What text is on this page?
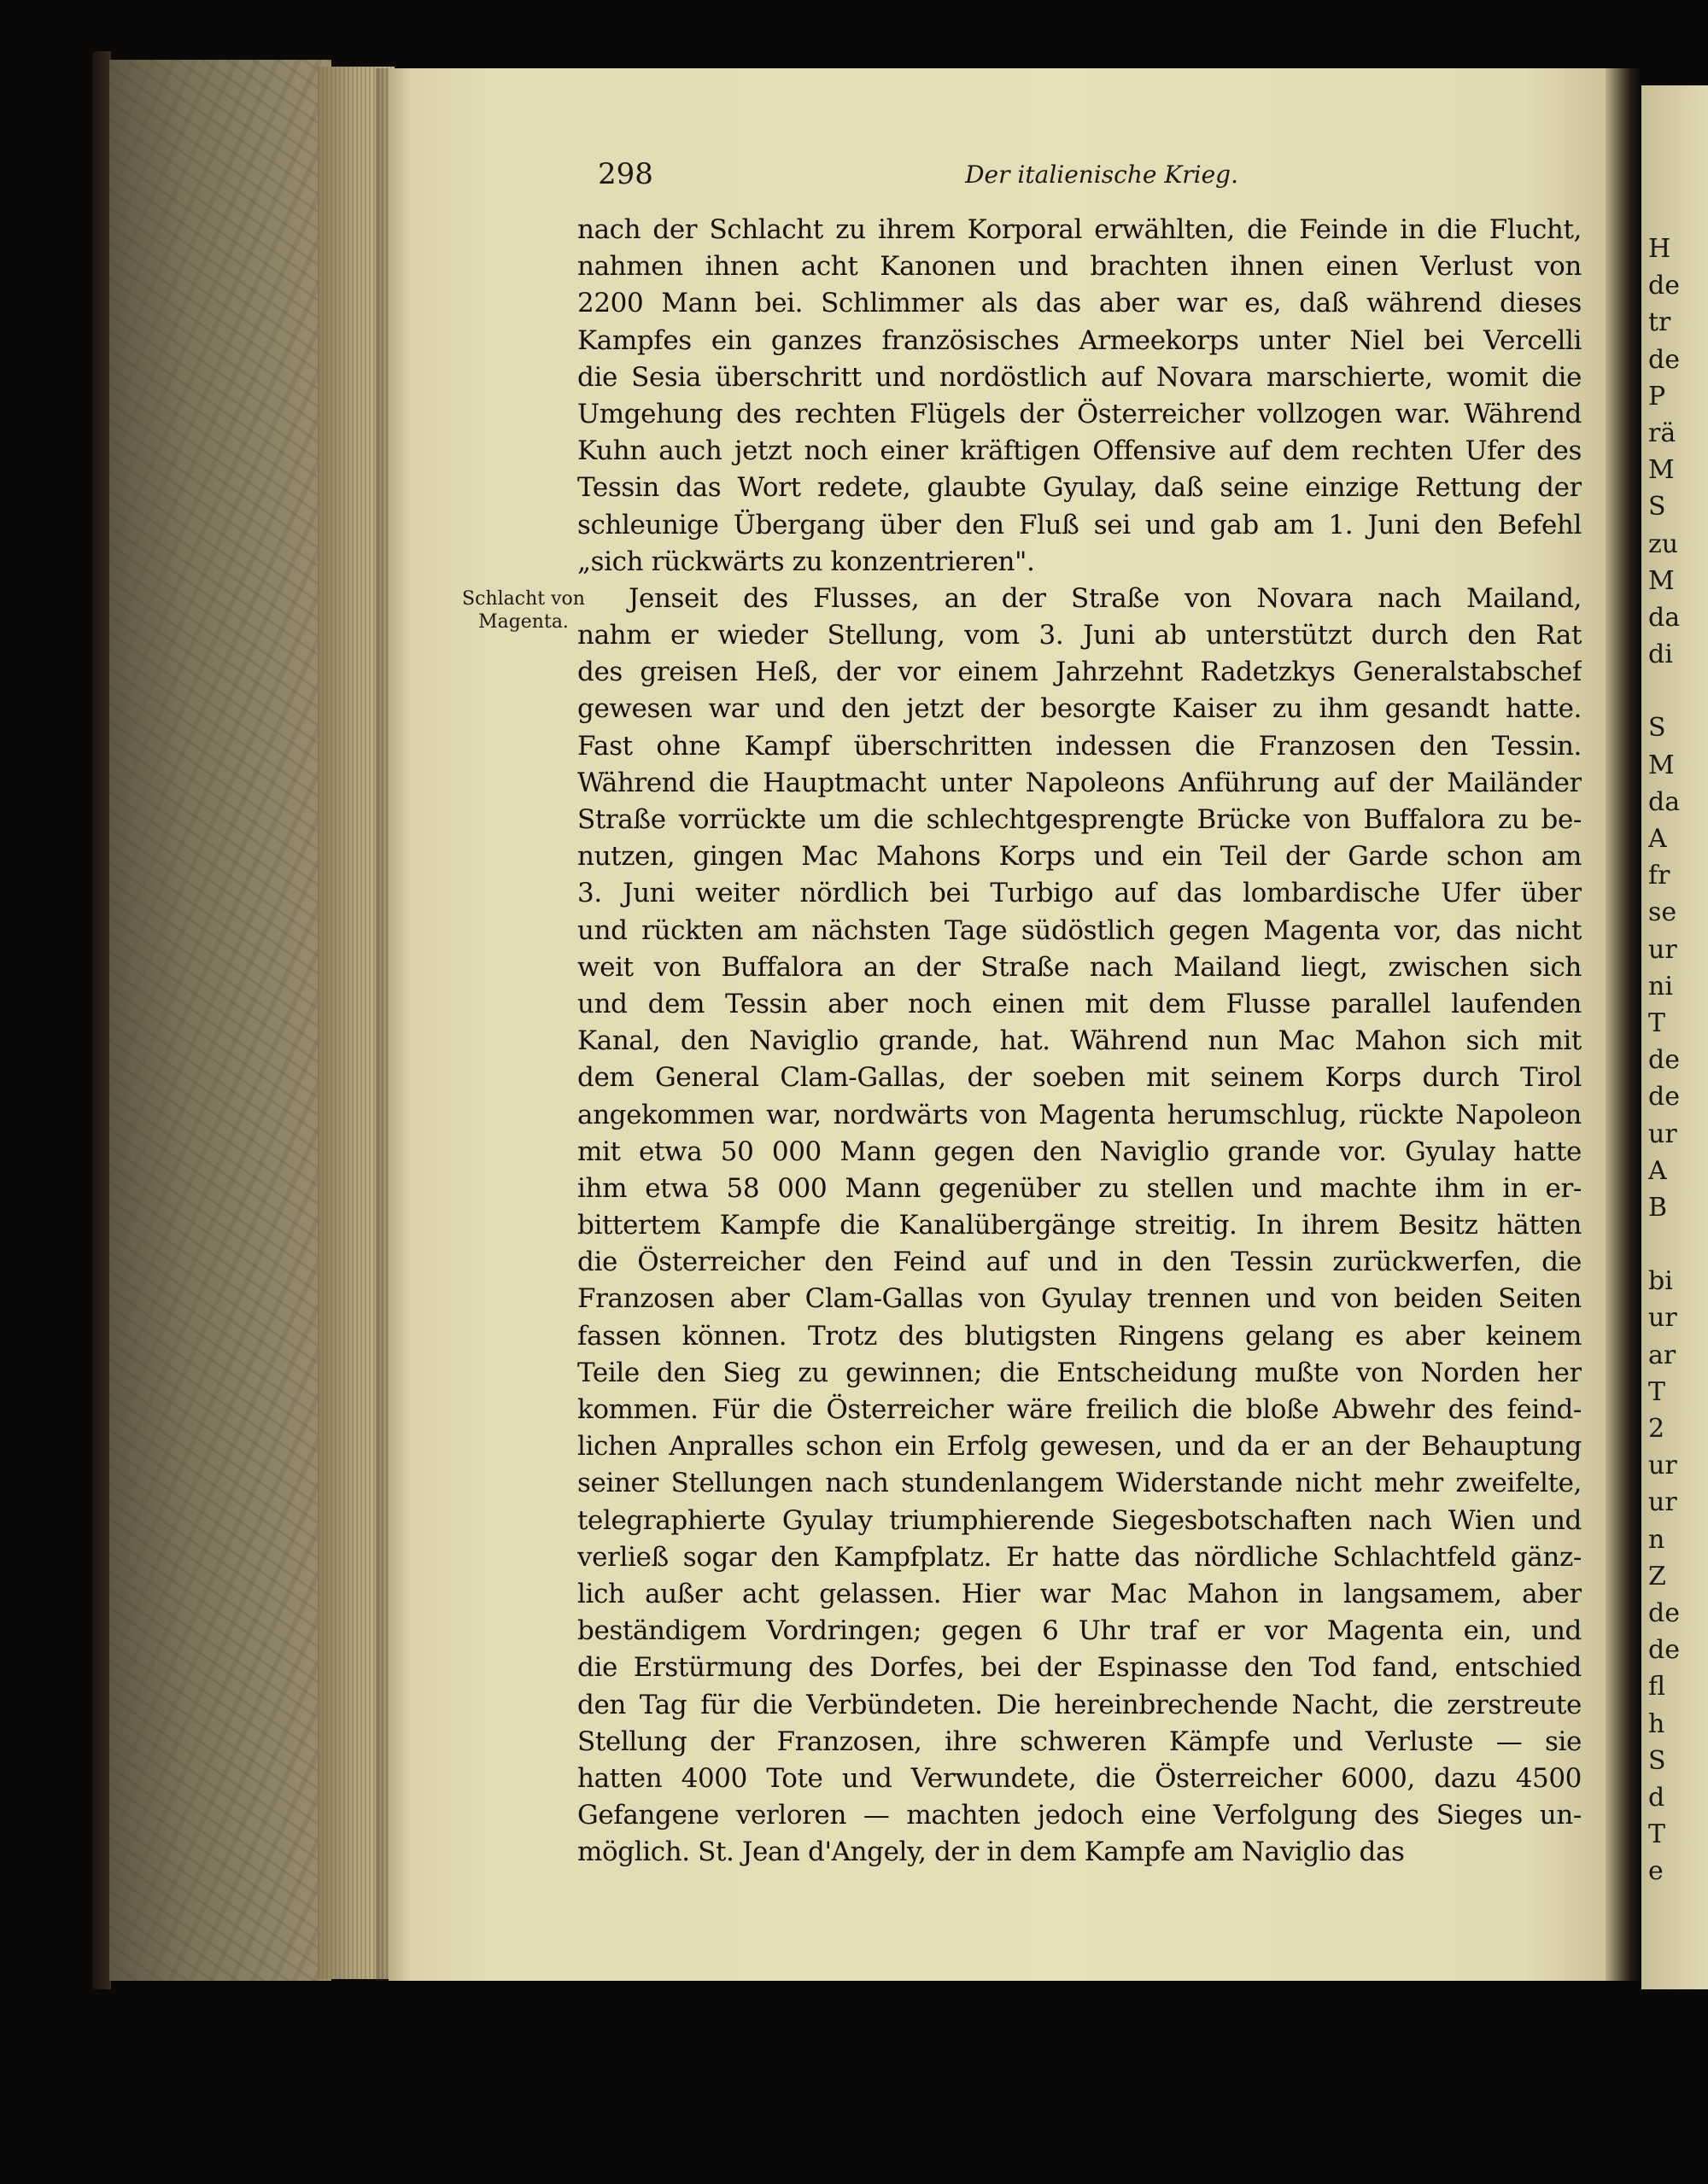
H
de
tr
de
P
rä
M
S
zu
M
da
di
S
M
da
A
fr
se
ur
ni
T
de
de
ur
A
B
bi
ur
ar
T
2
ur
ur
n
Z
de
de
fl
h
S
d
T
e
298	Der italienische Krieg.
Schlacht von
Magenta.
nach der Schlacht zu ihrem Korporal erwählten, die Feinde in die Flucht,
nahmen ihnen acht Kanonen und brachten ihnen einen Verlust von
2200 Mann bei. Schlimmer als das aber war es, daß während dieses
Kampfes ein ganzes französisches Armeekorps unter Niel bei Vercelli
die Sesia überschritt und nordöstlich auf Novara marschierte, womit die
Umgehung des rechten Flügels der Österreicher vollzogen war. Während
Kuhn auch jetzt noch einer kräftigen Offensive auf dem rechten Ufer des
Tessin das Wort redete, glaubte Gyulay, daß seine einzige Rettung der
schleunige Übergang über den Fluß sei und gab am 1. Juni den Befehl
„sich rückwärts zu konzentrieren".
Jenseit des Flusses, an der Straße von Novara nach Mailand,
nahm er wieder Stellung, vom 3. Juni ab unterstützt durch den Rat
des greisen Heß, der vor einem Jahrzehnt Radetzkys Generalstabschef
gewesen war und den jetzt der besorgte Kaiser zu ihm gesandt hatte.
Fast ohne Kampf überschritten indessen die Franzosen den Tessin.
Während die Hauptmacht unter Napoleons Anführung auf der Mailänder
Straße vorrückte um die schlechtgesprengte Brücke von Buffalora zu be-
nutzen, gingen Mac Mahons Korps und ein Teil der Garde schon am
3. Juni weiter nördlich bei Turbigo auf das lombardische Ufer über
und rückten am nächsten Tage südöstlich gegen Magenta vor, das nicht
weit von Buffalora an der Straße nach Mailand liegt, zwischen sich
und dem Tessin aber noch einen mit dem Flusse parallel laufenden
Kanal, den Naviglio grande, hat. Während nun Mac Mahon sich mit
dem General Clam-Gallas, der soeben mit seinem Korps durch Tirol
angekommen war, nordwärts von Magenta herumschlug, rückte Napoleon
mit etwa 50 000 Mann gegen den Naviglio grande vor. Gyulay hatte
ihm etwa 58 000 Mann gegenüber zu stellen und machte ihm in er-
bittertem Kampfe die Kanalübergänge streitig. In ihrem Besitz hätten
die Österreicher den Feind auf und in den Tessin zurückwerfen, die
Franzosen aber Clam-Gallas von Gyulay trennen und von beiden Seiten
fassen können. Trotz des blutigsten Ringens gelang es aber keinem
Teile den Sieg zu gewinnen; die Entscheidung mußte von Norden her
kommen. Für die Österreicher wäre freilich die bloße Abwehr des feind-
lichen Anpralles schon ein Erfolg gewesen, und da er an der Behauptung
seiner Stellungen nach stundenlangem Widerstande nicht mehr zweifelte,
telegraphierte Gyulay triumphierende Siegesbotschaften nach Wien und
verließ sogar den Kampfplatz. Er hatte das nördliche Schlachtfeld gänz-
lich außer acht gelassen. Hier war Mac Mahon in langsamem, aber
beständigem Vordringen; gegen 6 Uhr traf er vor Magenta ein, und
die Erstürmung des Dorfes, bei der Espinasse den Tod fand, entschied
den Tag für die Verbündeten. Die hereinbrechende Nacht, die zerstreute
Stellung der Franzosen, ihre schweren Kämpfe und Verluste — sie
hatten 4000 Tote und Verwundete, die Österreicher 6000, dazu 4500
Gefangene verloren — machten jedoch eine Verfolgung des Sieges un-
möglich. St. Jean d'Angely, der in dem Kampfe am Naviglio das
